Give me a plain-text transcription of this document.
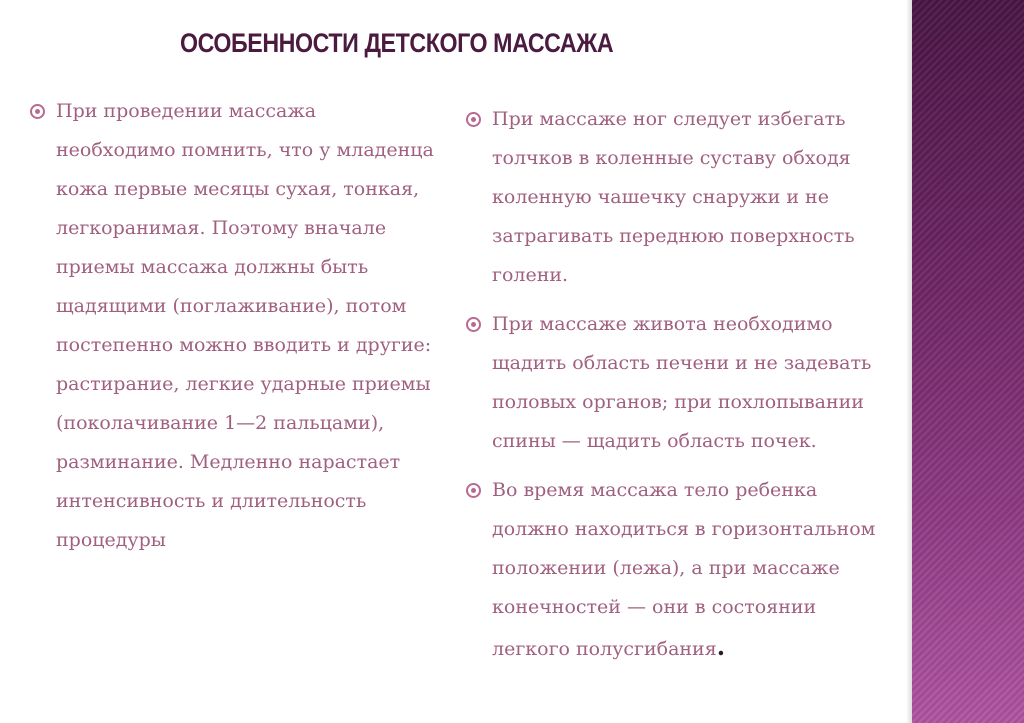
ОСОБЕННОСТИ ДЕТСКОГО МАССАЖА
При проведении массажа необходимо помнить, что у младенца кожа первые месяцы сухая, тонкая, легкоранимая. Поэтому вначале приемы массажа должны быть щадящими (поглаживание), потом постепенно можно вводить и другие: растирание, легкие ударные приемы (поколачивание 1—2 пальцами), разминание. Медленно нарастает интенсивность и длительность процедуры
При массаже ног следует избегать толчков в коленные суставу обходя коленную чашечку снаружи и не затрагивать переднюю поверхность голени.
При массаже живота необходимо щадить область печени и не задевать половых органов; при похлопывании спины — щадить область почек.
Во время массажа тело ребенка должно находиться в горизонтальном положении (лежа), а при массаже конечностей — они в состоянии легкого полусгибания.
